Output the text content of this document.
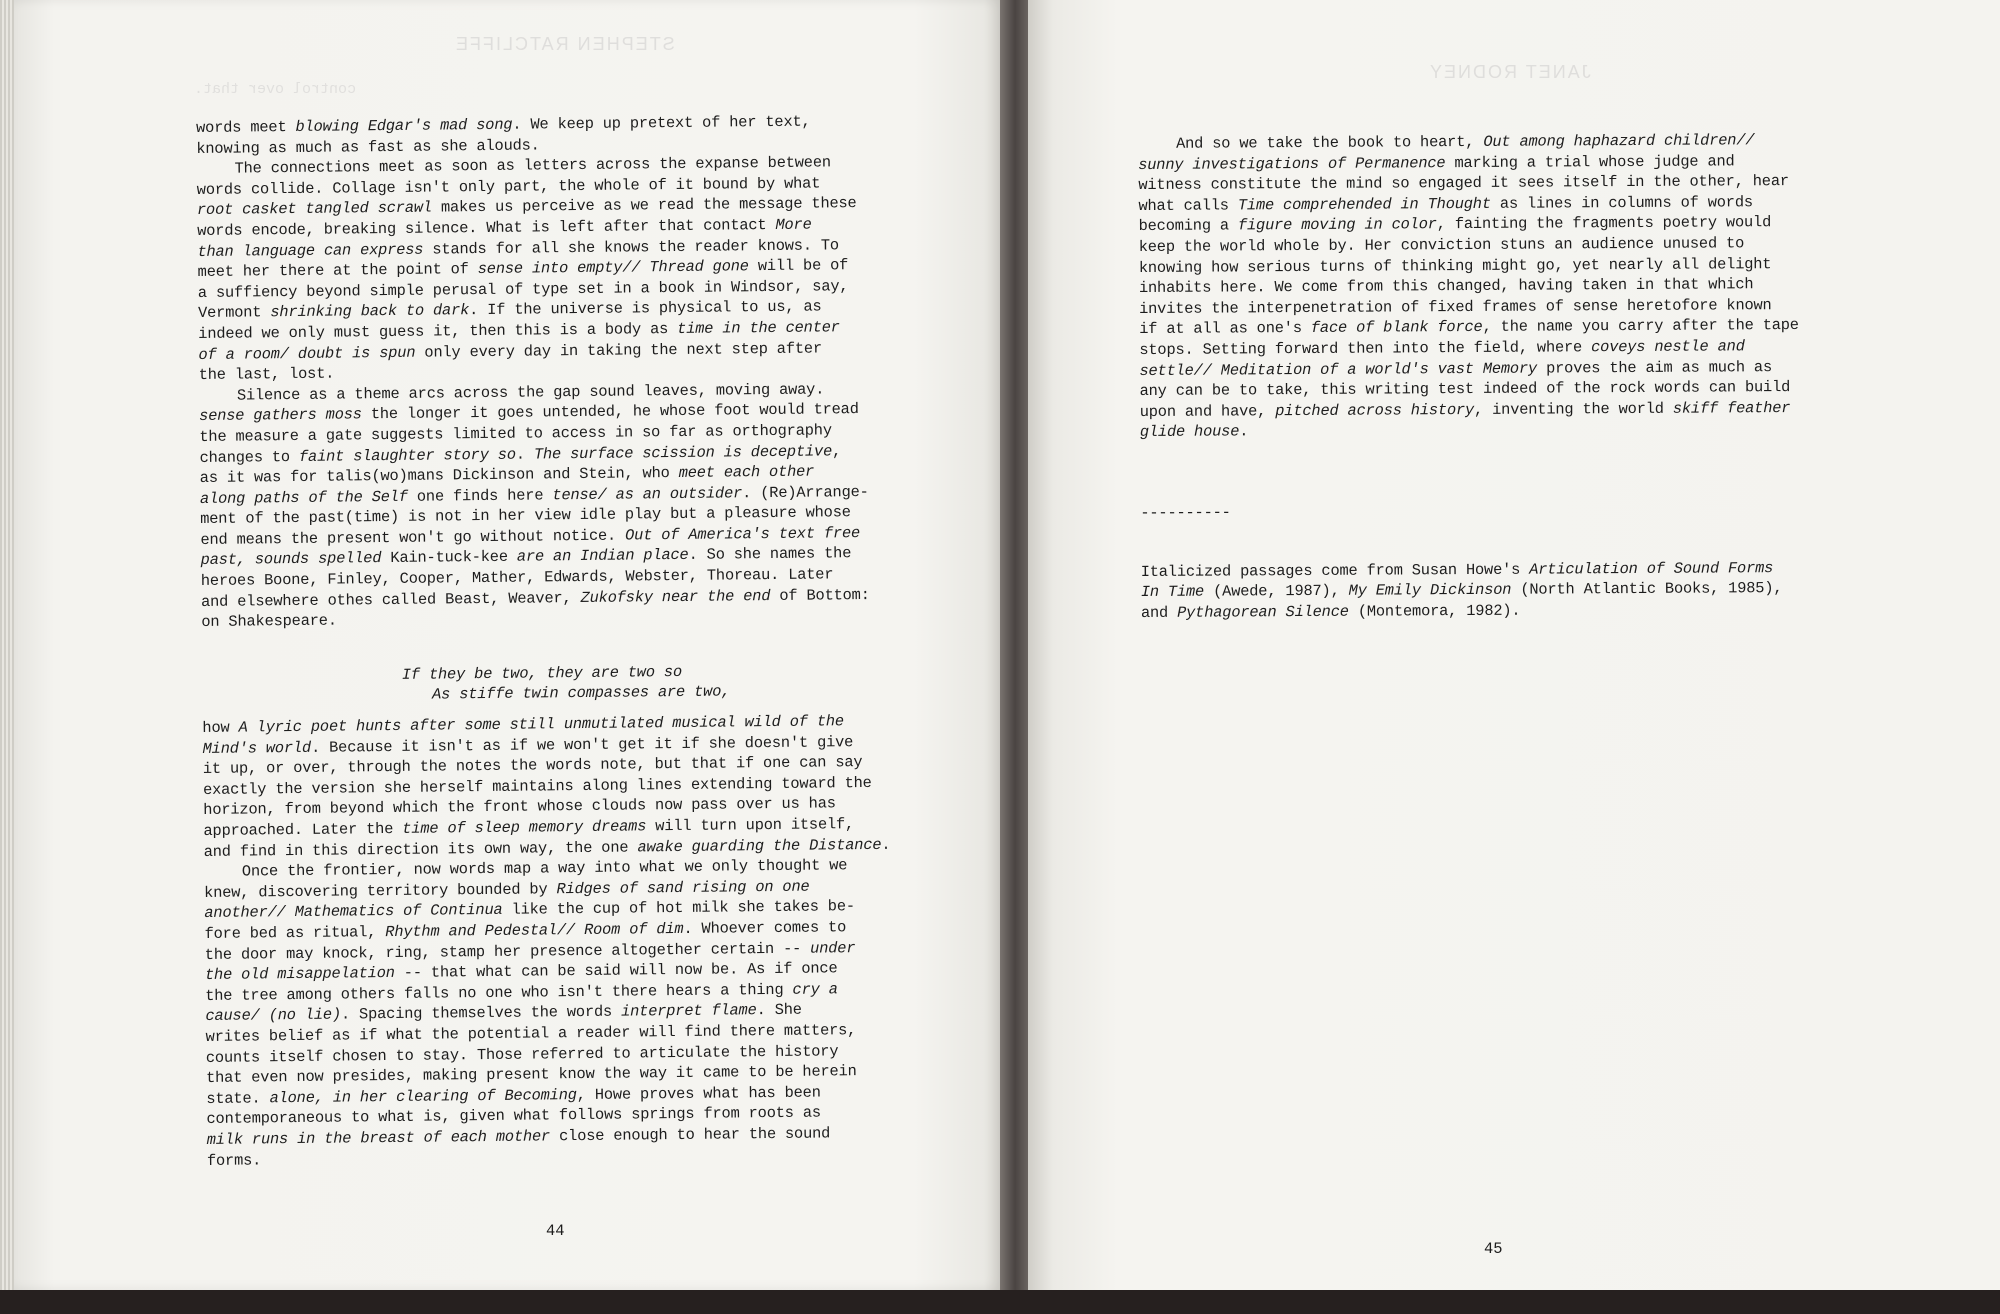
STEPHEN RATCLIFFE
control over that.
JANET RODNEY
words meet blowing Edgar's mad song. We keep up pretext of her text,
knowing as much as fast as she alouds.
The connections meet as soon as letters across the expanse between
words collide. Collage isn't only part, the whole of it bound by what
root casket tangled scrawl makes us perceive as we read the message these
words encode, breaking silence. What is left after that contact More
than language can express stands for all she knows the reader knows. To
meet her there at the point of sense into empty// Thread gone will be of
a suffiency beyond simple perusal of type set in a book in Windsor, say,
Vermont shrinking back to dark. If the universe is physical to us, as
indeed we only must guess it, then this is a body as time in the center
of a room/ doubt is spun only every day in taking the next step after
the last, lost.
Silence as a theme arcs across the gap sound leaves, moving away.
sense gathers moss the longer it goes untended, he whose foot would tread
the measure a gate suggests limited to access in so far as orthography
changes to faint slaughter story so. The surface scission is deceptive,
as it was for talis(wo)mans Dickinson and Stein, who meet each other
along paths of the Self one finds here tense/ as an outsider. (Re)Arrange-
ment of the past(time) is not in her view idle play but a pleasure whose
end means the present won't go without notice. Out of America's text free
past, sounds spelled Kain-tuck-kee are an Indian place. So she names the
heroes Boone, Finley, Cooper, Mather, Edwards, Webster, Thoreau. Later
and elsewhere othes called Beast, Weaver, Zukofsky near the end of Bottom:
on Shakespeare.
If they be two, they are two so
As stiffe twin compasses are two,
how A lyric poet hunts after some still unmutilated musical wild of the
Mind's world. Because it isn't as if we won't get it if she doesn't give
it up, or over, through the notes the words note, but that if one can say
exactly the version she herself maintains along lines extending toward the
horizon, from beyond which the front whose clouds now pass over us has
approached. Later the time of sleep memory dreams will turn upon itself,
and find in this direction its own way, the one awake guarding the Distance.
Once the frontier, now words map a way into what we only thought we
knew, discovering territory bounded by Ridges of sand rising on one
another// Mathematics of Continua like the cup of hot milk she takes be-
fore bed as ritual, Rhythm and Pedestal// Room of dim. Whoever comes to
the door may knock, ring, stamp her presence altogether certain -- under
the old misappelation -- that what can be said will now be. As if once
the tree among others falls no one who isn't there hears a thing cry a
cause/ (no lie). Spacing themselves the words interpret flame. She
writes belief as if what the potential a reader will find there matters,
counts itself chosen to stay. Those referred to articulate the history
that even now presides, making present know the way it came to be herein
state. alone, in her clearing of Becoming, Howe proves what has been
contemporaneous to what is, given what follows springs from roots as
milk runs in the breast of each mother close enough to hear the sound
forms.
44
And so we take the book to heart, Out among haphazard children//
sunny investigations of Permanence marking a trial whose judge and
witness constitute the mind so engaged it sees itself in the other, hear
what calls Time comprehended in Thought as lines in columns of words
becoming a figure moving in color, fainting the fragments poetry would
keep the world whole by. Her conviction stuns an audience unused to
knowing how serious turns of thinking might go, yet nearly all delight
inhabits here. We come from this changed, having taken in that which
invites the interpenetration of fixed frames of sense heretofore known
if at all as one's face of blank force, the name you carry after the tape
stops. Setting forward then into the field, where coveys nestle and
settle// Meditation of a world's vast Memory proves the aim as much as
any can be to take, this writing test indeed of the rock words can build
upon and have, pitched across history, inventing the world skiff feather
glide house.
----------
Italicized passages come from Susan Howe's Articulation of Sound Forms
In Time (Awede, 1987), My Emily Dickinson (North Atlantic Books, 1985),
and Pythagorean Silence (Montemora, 1982).
45
